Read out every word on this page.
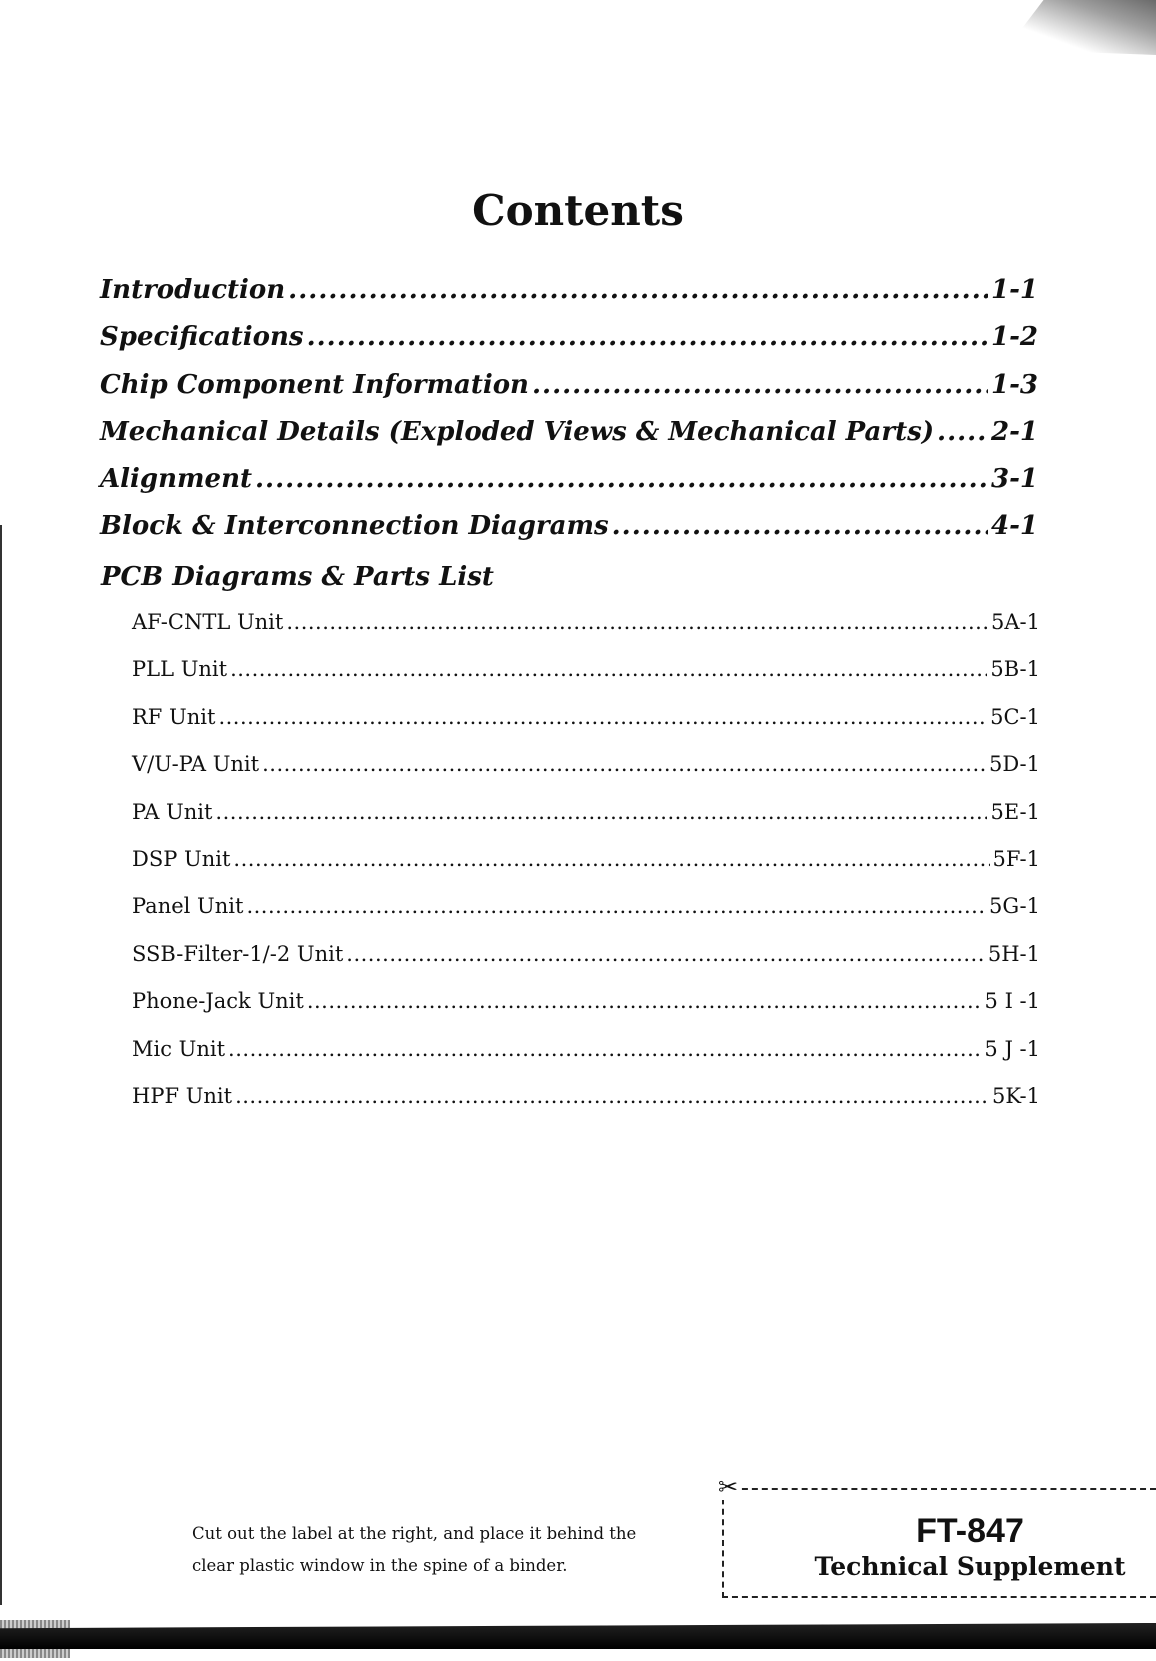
Contents
Introduction .....	1-1
Specifications .....	1-2
Chip Component Information .....	1-3
Mechanical Details (Exploded Views & Mechanical Parts) ..... 2-1
Alignment .....	3-1
Block & Interconnection Diagrams .....	4-1
PCB Diagrams & Parts List
AF-CNTL Unit .....	5A-1
PLL Unit .....	5B-1
RF Unit .....	5C-1
V/U-PA Unit .....	5D-1
PA Unit .....	5E-1
DSP Unit .....	5F-1
Panel Unit .....	5G-1
SSB-Filter-1/-2 Unit .....	5H-1
Phone-Jack Unit .....	5 I -1
Mic Unit .....	5 J -1
HPF Unit .....	5K-1
Cut out the label at the right, and place it behind the
clear plastic window in the spine of a binder.
FT-847
Technical Supplement
✂
